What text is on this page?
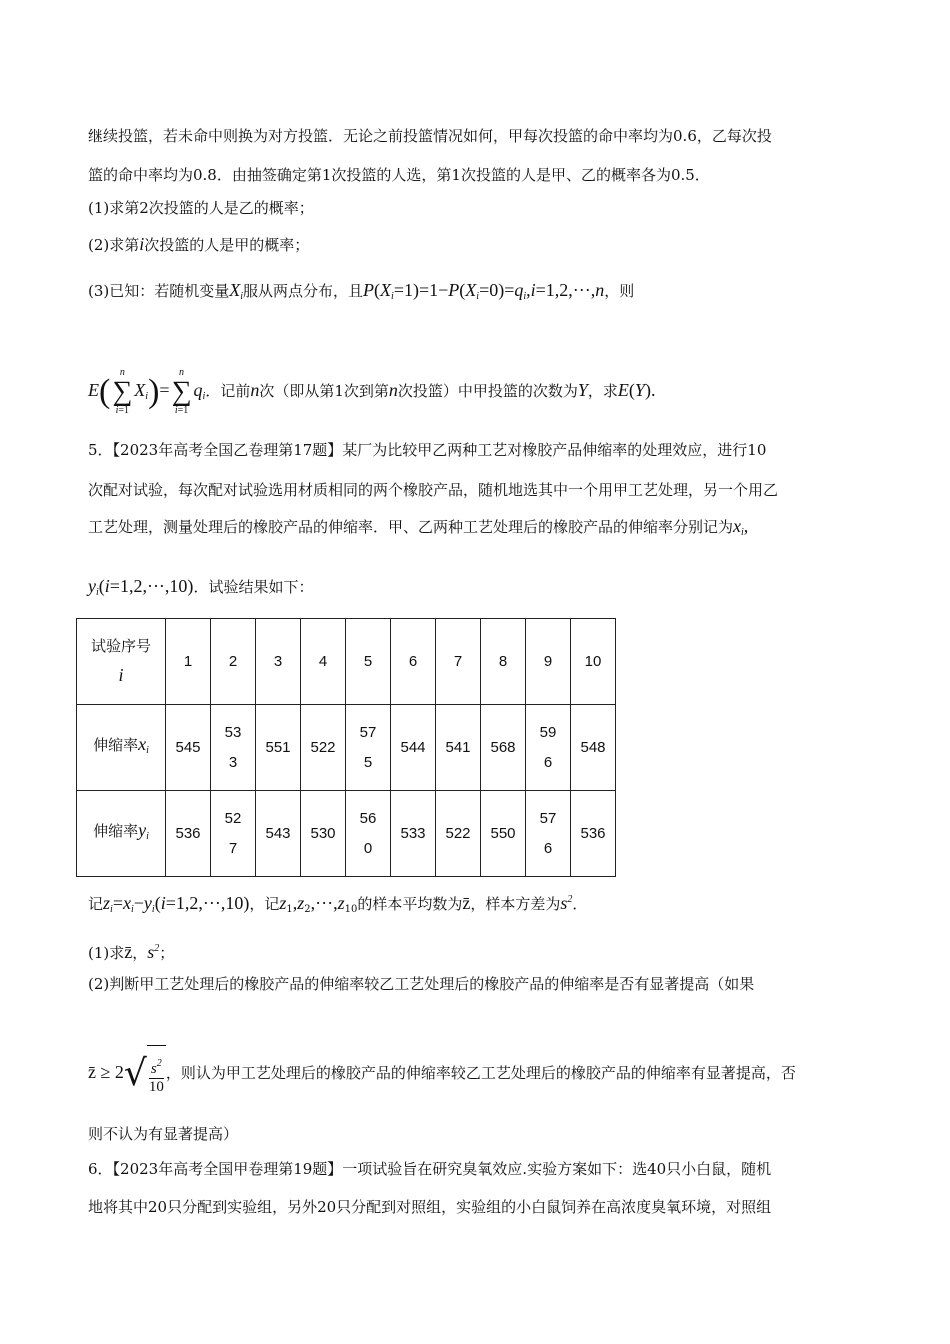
继续投篮，若未命中则换为对方投篮．无论之前投篮情况如何，甲每次投篮的命中率均为0.6，乙每次投
篮的命中率均为0.8．由抽签确定第1次投篮的人选，第1次投篮的人是甲、乙的概率各为0.5．
(1)求第2次投篮的人是乙的概率；
(2)求第i次投篮的人是甲的概率；
(3)已知：若随机变量$X_i$服从两点分布，且$P(X_i=1)=1-P(X_i=0)=q_i,i=1,2,\cdot\cdot\cdot,n$，则
E(
n
∑
i=1
$X_i)=$
n
∑
i=1
$q_i$．记前n次（即从第1次到第n次投篮）中甲投篮的次数为Y，求E(Y).
5．【2023年高考全国乙卷理第17题】某厂为比较甲乙两种工艺对橡胶产品伸缩率的处理效应，进行10
次配对试验，每次配对试验选用材质相同的两个橡胶产品，随机地选其中一个用甲工艺处理，另一个用乙
工艺处理，测量处理后的橡胶产品的伸缩率．甲、乙两种工艺处理后的橡胶产品的伸缩率分别记为$x_i$,
$y_i(i=1,2,\cdot\cdot\cdot,10)$．试验结果如下：
试验序号
i	1	2	3	4	5	6	7	8	9	10
伸缩率$x_i$	545	533	551	522	575	544	541	568	596	548
伸缩率$y_i$	536	527	543	530	560	533	522	550	576	536
记$z_i=x_i-y_i(i=1,2,\cdot\cdot\cdot,10)$，记$z_1,z_2,\cdot\cdot\cdot,z_{10}$的样本平均数为z̄，样本方差为$s^2$．
(1)求z̄，$s^2$；
(2)判断甲工艺处理后的橡胶产品的伸缩率较乙工艺处理后的橡胶产品的伸缩率是否有显著提高（如果
z̄ ≥ 2 √ $\frac{s^2}{10}$ ，则认为甲工艺处理后的橡胶产品的伸缩率较乙工艺处理后的橡胶产品的伸缩率有显著提高，否
则不认为有显著提高）
6．【2023年高考全国甲卷理第19题】一项试验旨在研究臭氧效应.实验方案如下：选40只小白鼠，随机
地将其中20只分配到实验组，另外20只分配到对照组，实验组的小白鼠饲养在高浓度臭氧环境，对照组
